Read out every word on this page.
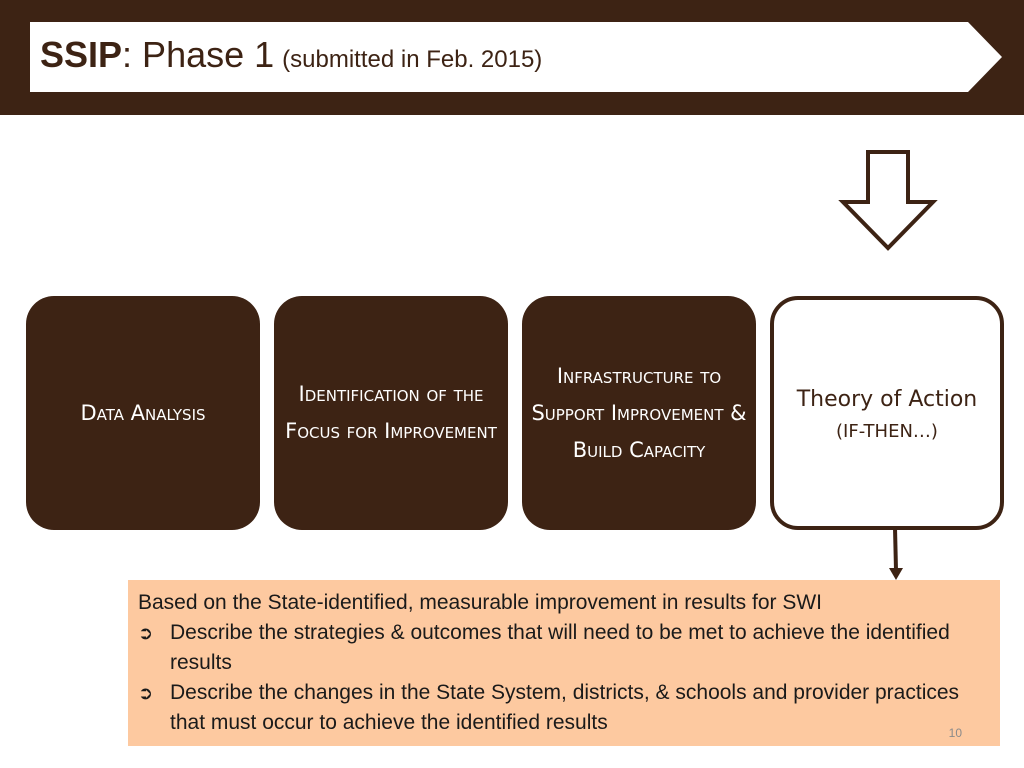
SSIP: Phase 1 (submitted in Feb. 2015)
Data Analysis
Identification of the Focus for Improvement
Infrastructure to Support Improvement & Build Capacity
Theory of Action
(IF-THEN…)

Based on the State-identified, measurable improvement in results for SWI

➲ Describe the strategies & outcomes that will need to be met to achieve the identified results
➲ Describe the changes in the State System, districts, & schools and provider practices that must occur to achieve the identified results	10
